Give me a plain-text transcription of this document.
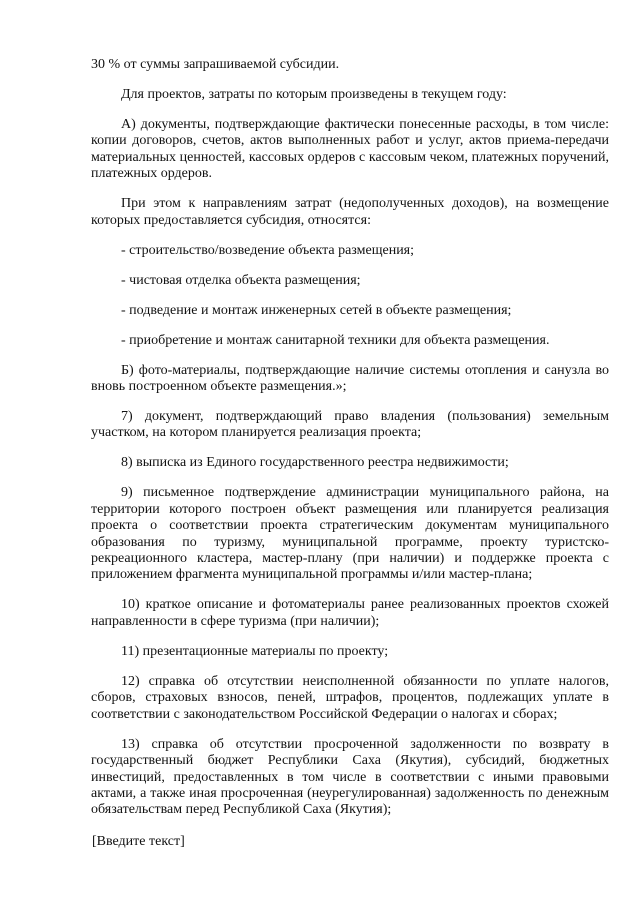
30 % от суммы запрашиваемой субсидии.

Для проектов, затраты по которым произведены в текущем году:

А) документы, подтверждающие фактически понесенные расходы, в том числе: копии договоров, счетов, актов выполненных работ и услуг, актов приема-передачи материальных ценностей, кассовых ордеров с кассовым чеком, платежных поручений, платежных ордеров.

При этом к направлениям затрат (недополученных доходов), на возмещение которых предоставляется субсидия, относятся:

- строительство/возведение объекта размещения;

- чистовая отделка объекта размещения;

- подведение и монтаж инженерных сетей в объекте размещения;

- приобретение и монтаж санитарной техники для объекта размещения.

Б) фото-материалы, подтверждающие наличие системы отопления и санузла во вновь построенном объекте размещения.»;

7) документ, подтверждающий право владения (пользования) земельным участком, на котором планируется реализация проекта;

8) выписка из Единого государственного реестра недвижимости;

9) письменное подтверждение администрации муниципального района, на территории которого построен объект размещения или планируется реализация проекта о соответствии проекта стратегическим документам муниципального образования по туризму, муниципальной программе, проекту туристско-рекреационного кластера, мастер-плану (при наличии) и поддержке проекта с приложением фрагмента муниципальной программы и/или мастер-плана;

10) краткое описание и фотоматериалы ранее реализованных проектов схожей направленности в сфере туризма (при наличии);

11) презентационные материалы по проекту;

12) справка об отсутствии неисполненной обязанности по уплате налогов, сборов, страховых взносов, пеней, штрафов, процентов, подлежащих уплате в соответствии с законодательством Российской Федерации о налогах и сборах;

13) справка об отсутствии просроченной задолженности по возврату в государственный бюджет Республики Саха (Якутия), субсидий, бюджетных инвестиций, предоставленных в том числе в соответствии с иными правовыми актами, а также иная просроченная (неурегулированная) задолженность по денежным обязательствам перед Республикой Саха (Якутия);

[Введите текст]
